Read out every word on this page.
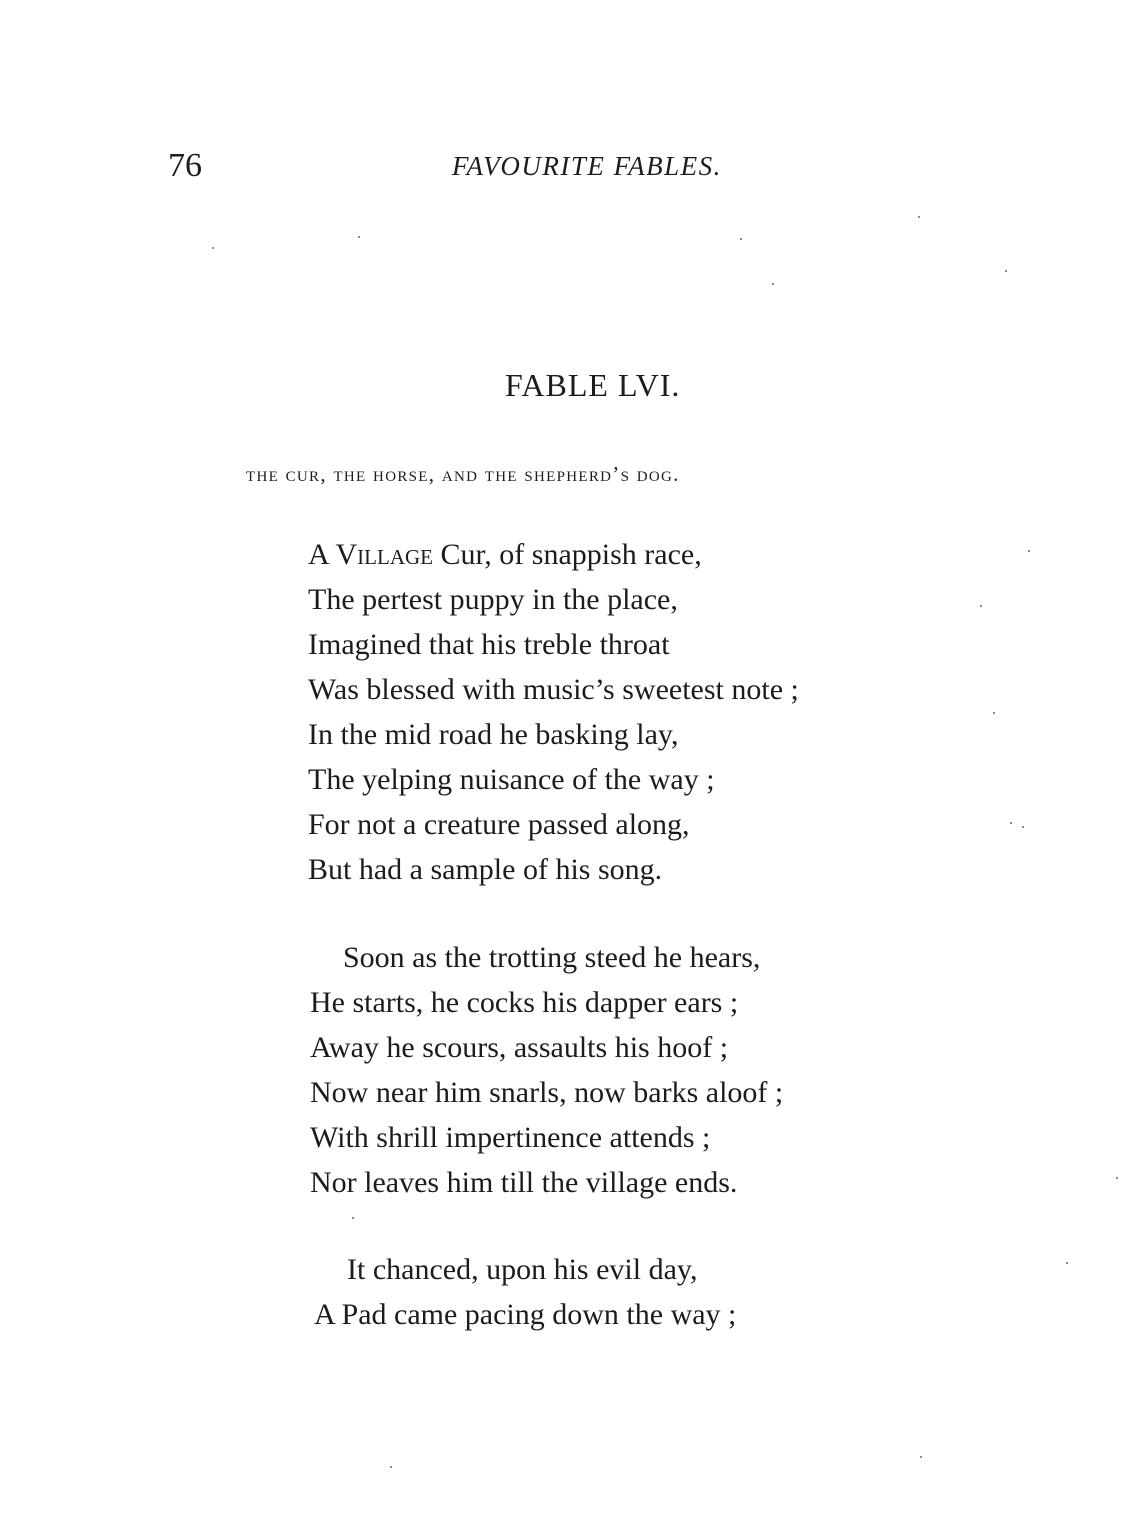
76	FAVOURITE FABLES.
FABLE LVI.
the cur, the horse, and the shepherd’s dog.
A Village Cur, of snappish race,
The pertest puppy in the place,
Imagined that his treble throat
Was blessed with music’s sweetest note ;
In the mid road he basking lay,
The yelping nuisance of the way ;
For not a creature passed along,
But had a sample of his song.
Soon as the trotting steed he hears,
He starts, he cocks his dapper ears ;
Away he scours, assaults his hoof ;
Now near him snarls, now barks aloof ;
With shrill impertinence attends ;
Nor leaves him till the village ends.
It chanced, upon his evil day,
A Pad came pacing down the way ;
